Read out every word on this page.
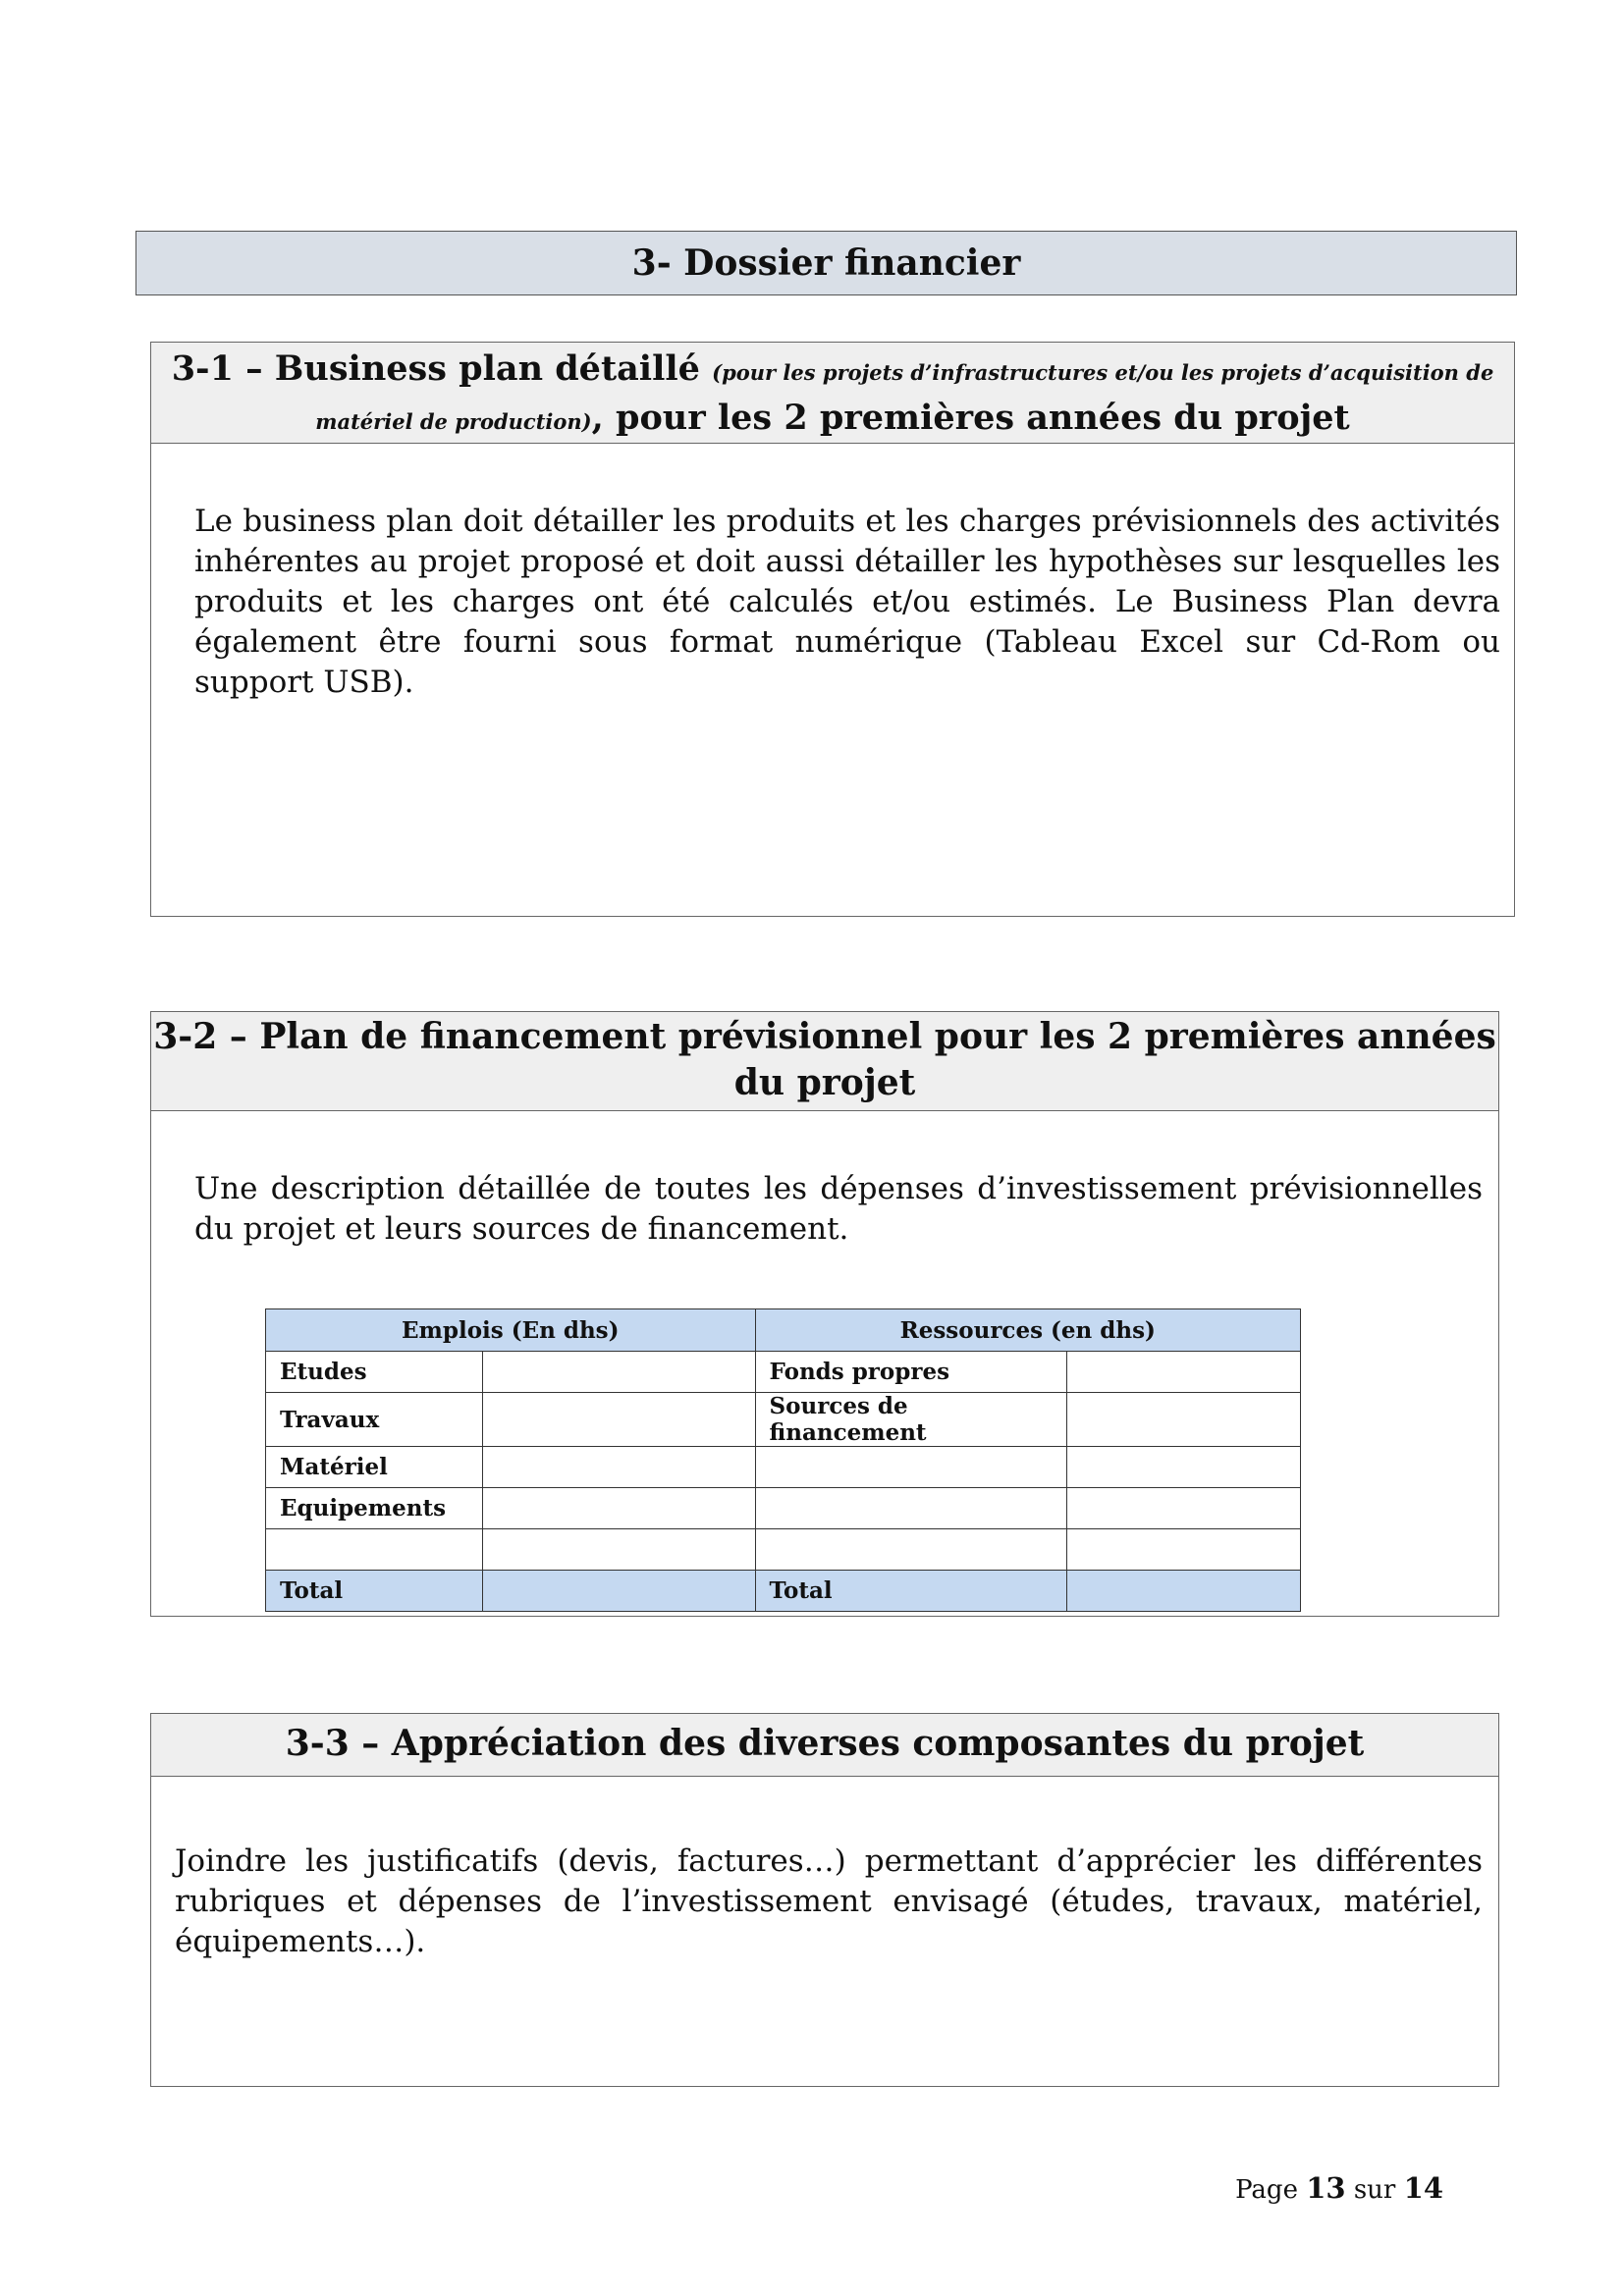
3- Dossier financier
3-1 – Business plan détaillé (pour les projets d’infrastructures et/ou les projets d’acquisition de
matériel de production), pour les 2 premières années du projet
Le business plan doit détailler les produits et les charges prévisionnels des activités inhérentes au projet proposé et doit aussi détailler les hypothèses sur lesquelles les produits et les charges ont été calculés et/ou estimés. Le Business Plan devra également être fourni sous format numérique (Tableau Excel sur Cd-Rom ou support USB).
3-2 – Plan de financement prévisionnel pour les 2 premières années du projet
Une description détaillée de toutes les dépenses d’investissement prévisionnelles du projet et leurs sources de financement.
Emplois (En dhs)		Ressources (en dhs)	
Etudes		Fonds propres	
Travaux		Sources de financement	
Matériel			
Equipements			

Total		Total	
3-3 – Appréciation des diverses composantes du projet
Joindre les justificatifs (devis, factures…) permettant d’apprécier les différentes rubriques et dépenses de l’investissement envisagé (études, travaux, matériel, équipements…).
Page 13 sur 14
